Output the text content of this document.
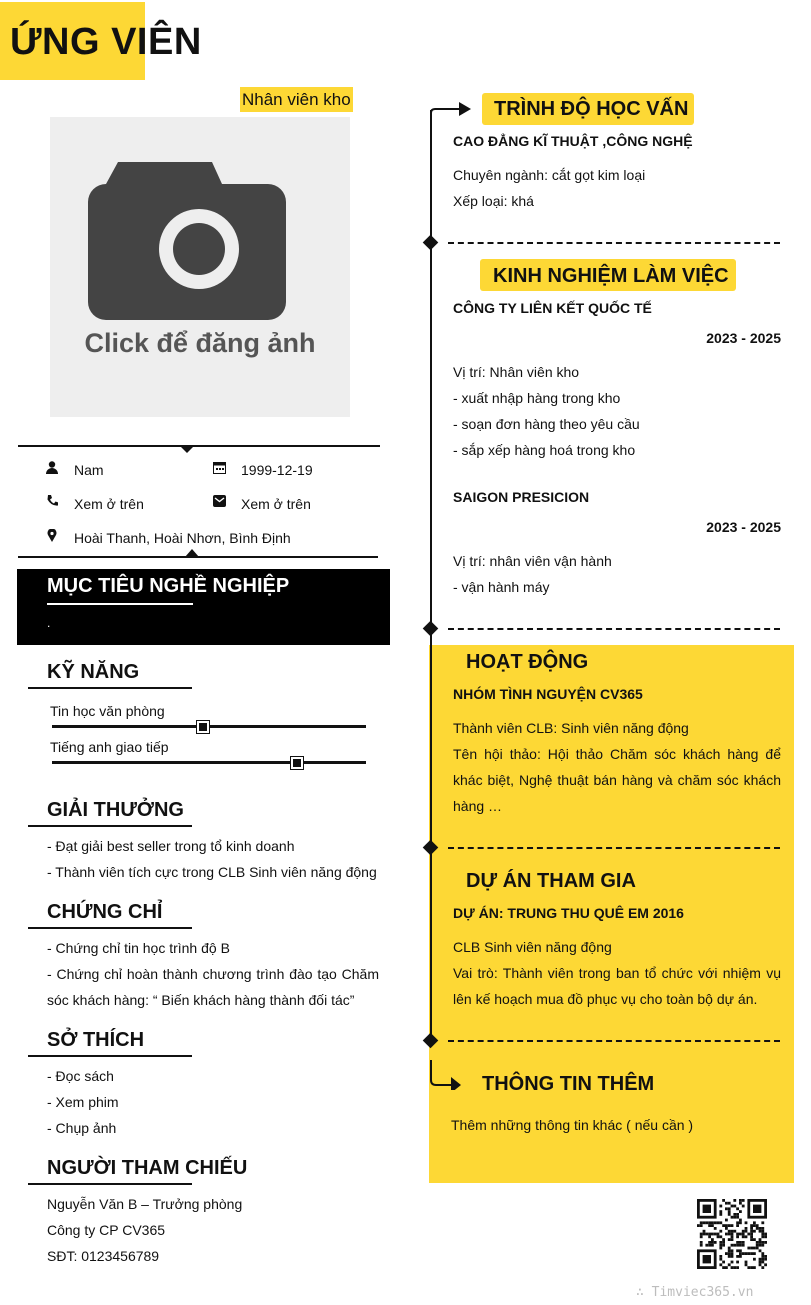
ỨNG VIÊN
Nhân viên kho
Click để đăng ảnh
Nam	1999-12-19
Xem ở trên	Xem ở trên
Hoài Thanh, Hoài Nhơn, Bình Định
MỤC TIÊU NGHỀ NGHIỆP
.
KỸ NĂNG
Tin học văn phòng
Tiếng anh giao tiếp
GIẢI THƯỞNG
- Đạt giải best seller trong tổ kinh doanh
- Thành viên tích cực trong CLB Sinh viên năng động
CHỨNG CHỈ
- Chứng chỉ tin học trình độ B
- Chứng chỉ hoàn thành chương trình đào tạo Chăm sóc khách hàng: “ Biến khách hàng thành đối tác”
SỞ THÍCH
- Đọc sách
- Xem phim
- Chụp ảnh
NGƯỜI THAM CHIẾU
Nguyễn Văn B – Trưởng phòng
Công ty CP CV365
SĐT: 0123456789
TRÌNH ĐỘ HỌC VẤN
CAO ĐẲNG KĨ THUẬT ,CÔNG NGHỆ
Chuyên ngành: cắt gọt kim loại
Xếp loại: khá
KINH NGHIỆM LÀM VIỆC
CÔNG TY LIÊN KẾT QUỐC TẾ
2023 - 2025
Vị trí: Nhân viên kho
- xuất nhập hàng trong kho
- soạn đơn hàng theo yêu cầu
- sắp xếp hàng hoá trong kho
SAIGON PRESICION
2023 - 2025
Vị trí: nhân viên vận hành
- vận hành máy
HOẠT ĐỘNG
NHÓM TÌNH NGUYỆN CV365
Thành viên CLB: Sinh viên năng động
Tên hội thảo: Hội thảo Chăm sóc khách hàng để khác biệt, Nghệ thuật bán hàng và chăm sóc khách hàng …
DỰ ÁN THAM GIA
DỰ ÁN: TRUNG THU QUÊ EM 2016
CLB Sinh viên năng động
Vai trò: Thành viên trong ban tổ chức với nhiệm vụ lên kế hoạch mua đồ phục vụ cho toàn bộ dự án.
THÔNG TIN THÊM
Thêm những thông tin khác ( nếu cần )
∴ Timviec365.vn
